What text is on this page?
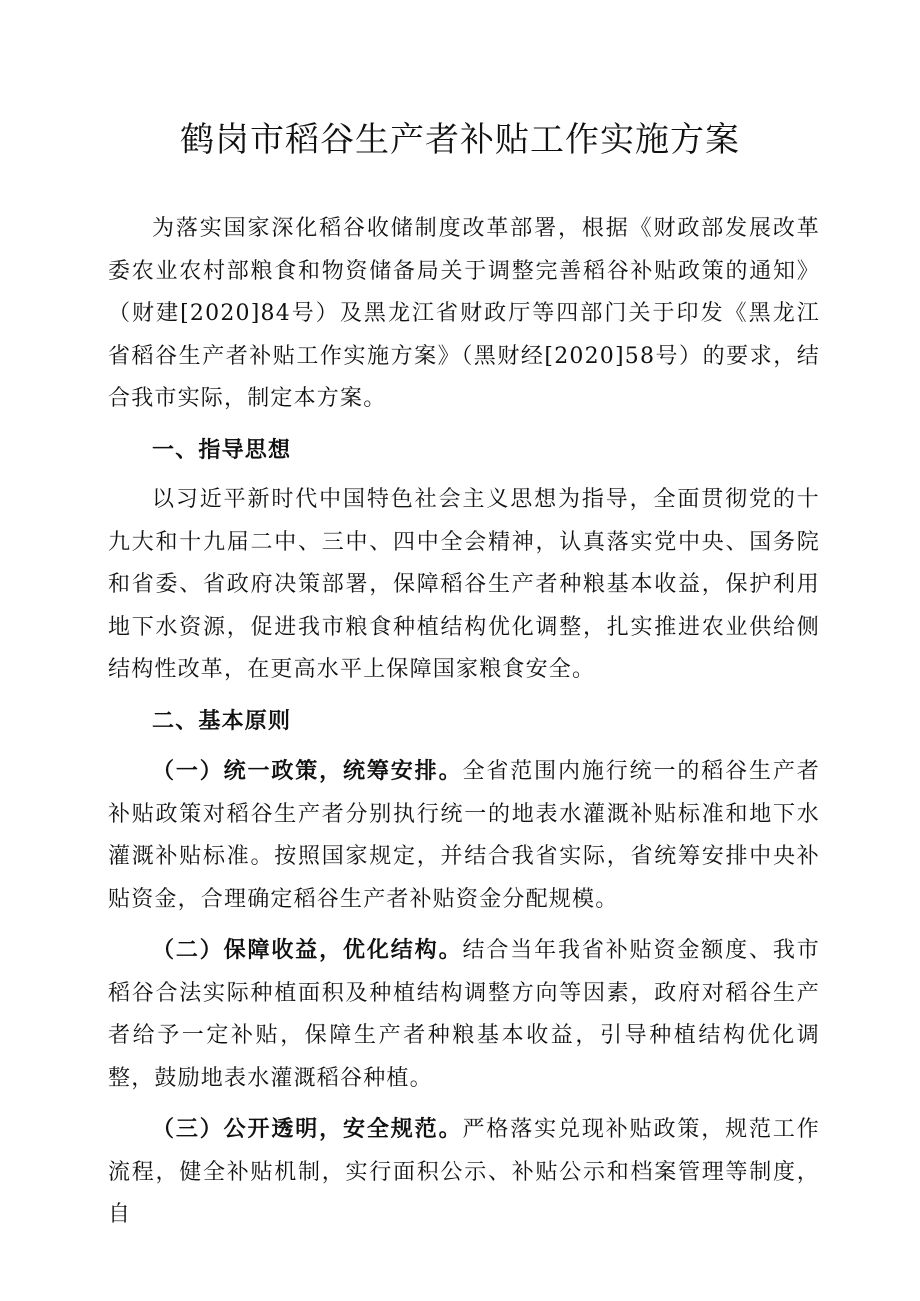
鹤岗市稻谷生产者补贴工作实施方案

为落实国家深化稻谷收储制度改革部署，根据《财政部发展改革委农业农村部粮食和物资储备局关于调整完善稻谷补贴政策的通知》（财建[2020]84号）及黑龙江省财政厅等四部门关于印发《黑龙江省稻谷生产者补贴工作实施方案》（黑财经[2020]58号）的要求，结合我市实际，制定本方案。

一、指导思想

以习近平新时代中国特色社会主义思想为指导，全面贯彻党的十九大和十九届二中、三中、四中全会精神，认真落实党中央、国务院和省委、省政府决策部署，保障稻谷生产者种粮基本收益，保护利用地下水资源，促进我市粮食种植结构优化调整，扎实推进农业供给侧结构性改革，在更高水平上保障国家粮食安全。

二、基本原则

（一）统一政策，统筹安排。全省范围内施行统一的稻谷生产者补贴政策对稻谷生产者分别执行统一的地表水灌溉补贴标准和地下水灌溉补贴标准。按照国家规定，并结合我省实际，省统筹安排中央补贴资金，合理确定稻谷生产者补贴资金分配规模。

（二）保障收益，优化结构。结合当年我省补贴资金额度、我市稻谷合法实际种植面积及种植结构调整方向等因素，政府对稻谷生产者给予一定补贴，保障生产者种粮基本收益，引导种植结构优化调整，鼓励地表水灌溉稻谷种植。

（三）公开透明，安全规范。严格落实兑现补贴政策，规范工作流程，健全补贴机制，实行面积公示、补贴公示和档案管理等制度，自
